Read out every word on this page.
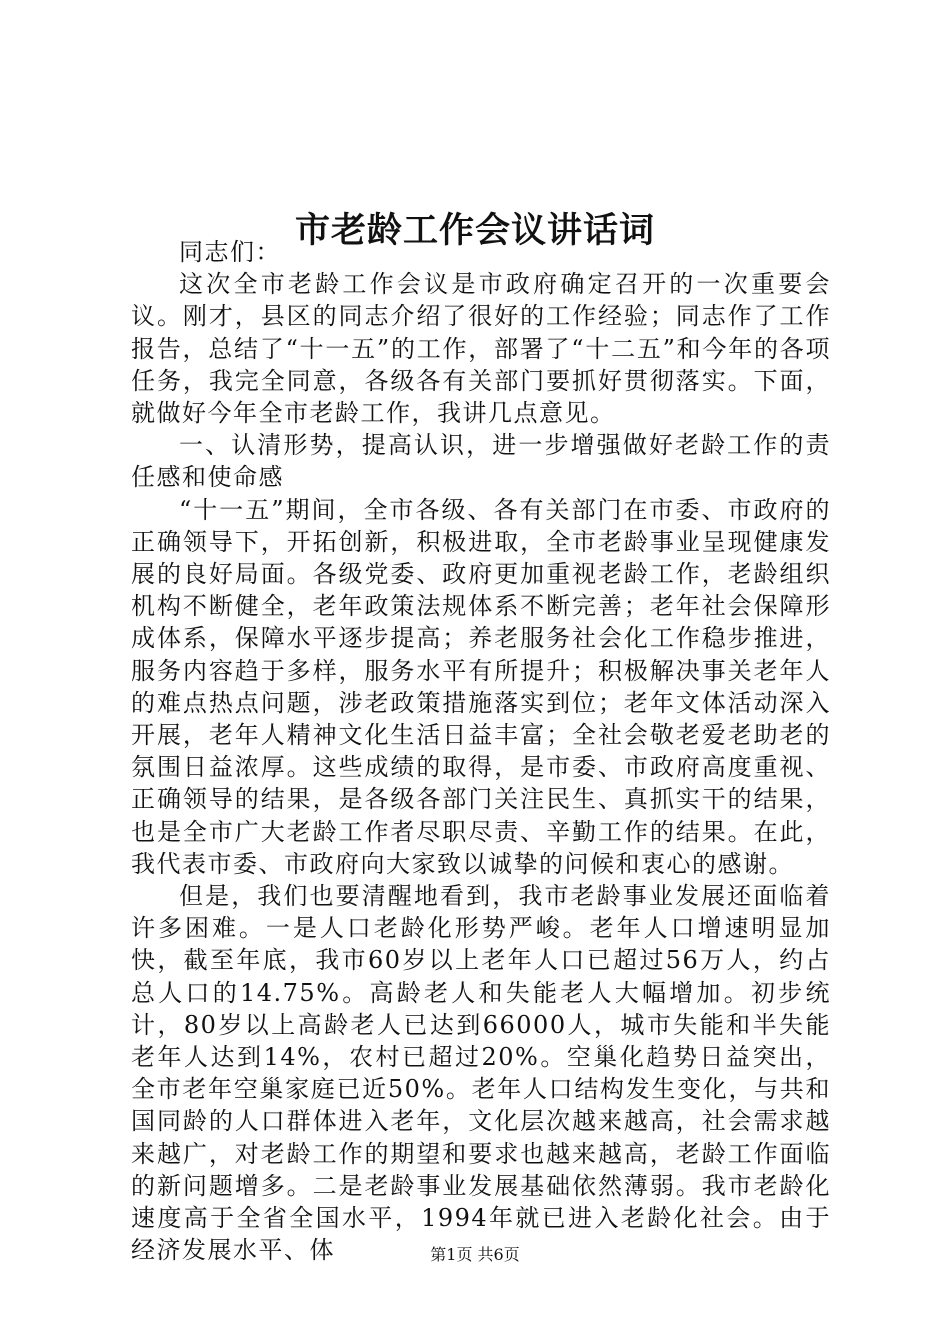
市老龄工作会议讲话词

同志们：

这次全市老龄工作会议是市政府确定召开的一次重要会议。刚才，县区的同志介绍了很好的工作经验；同志作了工作报告，总结了“十一五”的工作，部署了“十二五”和今年的各项任务，我完全同意，各级各有关部门要抓好贯彻落实。下面，就做好今年全市老龄工作，我讲几点意见。

一、认清形势，提高认识，进一步增强做好老龄工作的责任感和使命感

“十一五”期间，全市各级、各有关部门在市委、市政府的正确领导下，开拓创新，积极进取，全市老龄事业呈现健康发展的良好局面。各级党委、政府更加重视老龄工作，老龄组织机构不断健全，老年政策法规体系不断完善；老年社会保障形成体系，保障水平逐步提高；养老服务社会化工作稳步推进，服务内容趋于多样，服务水平有所提升；积极解决事关老年人的难点热点问题，涉老政策措施落实到位；老年文体活动深入开展，老年人精神文化生活日益丰富；全社会敬老爱老助老的氛围日益浓厚。这些成绩的取得，是市委、市政府高度重视、正确领导的结果，是各级各部门关注民生、真抓实干的结果，也是全市广大老龄工作者尽职尽责、辛勤工作的结果。在此，我代表市委、市政府向大家致以诚挚的问候和衷心的感谢。

但是，我们也要清醒地看到，我市老龄事业发展还面临着许多困难。一是人口老龄化形势严峻。老年人口增速明显加快，截至年底，我市60岁以上老年人口已超过56万人，约占总人口的14.75%。高龄老人和失能老人大幅增加。初步统计，80岁以上高龄老人已达到66000人，城市失能和半失能老年人达到14%，农村已超过20%。空巢化趋势日益突出，全市老年空巢家庭已近50%。老年人口结构发生变化，与共和国同龄的人口群体进入老年，文化层次越来越高，社会需求越来越广，对老龄工作的期望和要求也越来越高，老龄工作面临的新问题增多。二是老龄事业发展基础依然薄弱。我市老龄化速度高于全省全国水平，1994年就已进入老龄化社会。由于经济发展水平、体	第1页 共6页
